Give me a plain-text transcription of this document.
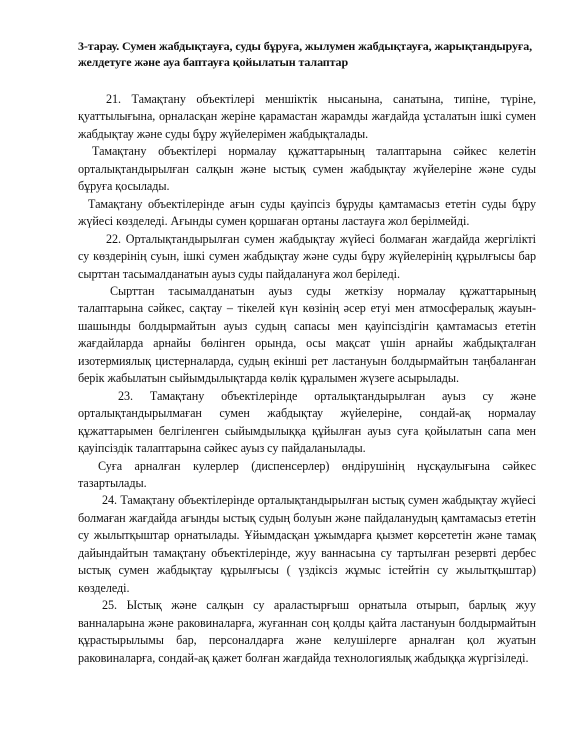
3-тарау. Сумен жабдықтауға, суды бұруға, жылумен жабдықтауға, жарықтандыруға, желдетуге және ауа баптауға қойылатын талаптар

21. Тамақтану объектілері меншіктік нысанына, санатына, типіне, түріне, қуаттылығына, орналасқан жеріне қарамастан жарамды жағдайда ұсталатын ішкі сумен жабдықтау және суды бұру жүйелерімен жабдықталады.

Тамақтану объектілері нормалау құжаттарының талаптарына сәйкес келетін орталықтандырылған салқын және ыстық сумен жабдықтау жүйелеріне және суды бұруға қосылады.

Тамақтану объектілерінде ағын суды қауіпсіз бұруды қамтамасыз ететін суды бұру жүйесі көзделеді. Ағынды сумен қоршаған ортаны ластауға жол берілмейді.

22. Орталықтандырылған сумен жабдықтау жүйесі болмаған жағдайда жергілікті су көздерінің суын, ішкі сумен жабдықтау және суды бұру жүйелерінің құрылғысы бар сырттан тасымалданатын ауыз суды пайдалануға жол беріледі.

Сырттан тасымалданатын ауыз суды жеткізу нормалау құжаттарының талаптарына сәйкес, сақтау – тікелей күн көзінің әсер етуі мен атмосфералық жауын-шашынды болдырмайтын ауыз судың сапасы мен қауіпсіздігін қамтамасыз ететін жағдайларда арнайы бөлінген орында, осы мақсат үшін арнайы жабдықталған изотермиялық цистерналарда, судың екінші рет ластануын болдырмайтын таңбаланған берік жабылатын сыйымдылықтарда көлік құралымен жүзеге асырылады.

23. Тамақтану объектілерінде орталықтандырылған ауыз су және орталықтандырылмаған сумен жабдықтау жүйелеріне, сондай-ақ нормалау құжаттарымен белгіленген сыйымдылыққа құйылған ауыз суға қойылатын сапа мен қауіпсіздік талаптарына сәйкес ауыз су пайдаланылады.

Суға арналған кулерлер (диспенсерлер) өндірушінің нұсқаулығына сәйкес тазартылады.

24. Тамақтану объектілерінде орталықтандырылған ыстық сумен жабдықтау жүйесі болмаған жағдайда ағынды ыстық судың болуын және пайдаланудың қамтамасыз ететін су жылытқыштар орнатылады. Ұйымдасқан ұжымдарға қызмет көрсететін және тамақ дайындайтын тамақтану объектілерінде, жуу ваннасына су тартылған резервті дербес ыстық сумен жабдықтау құрылғысы ( үздіксіз жұмыс істейтін су жылытқыштар) көзделеді.

25. Ыстық және салқын су араластырғыш орнатыла отырып, барлық жуу ванналарына және раковиналарға, жуғаннан соң қолды қайта ластануын болдырмайтын құрастырылымы бар, персоналдарға және келушілерге арналған қол жуатын раковиналарға, сондай-ақ қажет болған жағдайда технологиялық жабдыққа жүргізіледі.
